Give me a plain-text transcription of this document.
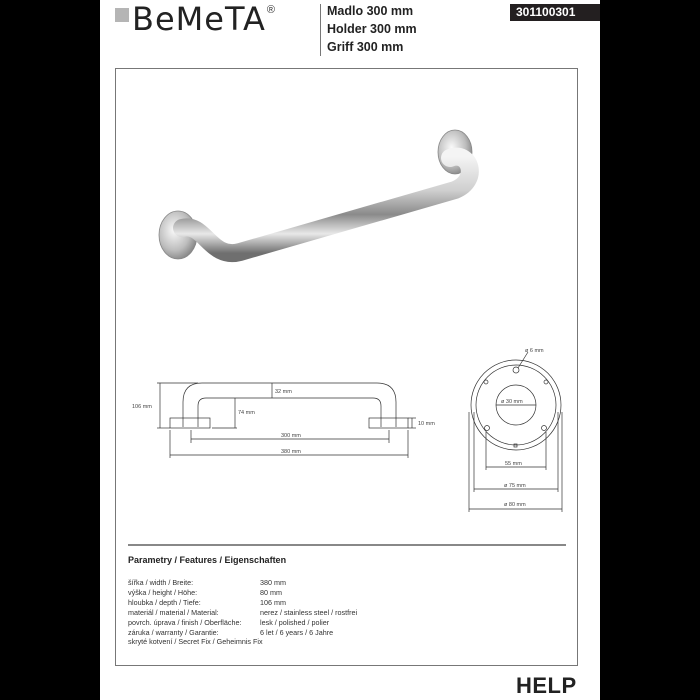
BeMeTA ®	Madlo 300 mm
Holder 300 mm
Griff 300 mm
301100301
106 mm
32 mm
74 mm
10 mm
300 mm
380 mm
ø 6 mm
ø 30 mm
55 mm
ø 75 mm
ø 80 mm
Parametry / Features / Eigenschaften
šířka / width / Breite:	380 mm
výška / height / Höhe:	80 mm
hloubka / depth / Tiefe:	106 mm
materiál / material / Material:	nerez / stainless steel / rostfrei
povrch. úprava / finish / Oberfläche:	lesk / polished / polier
záruka / warranty / Garantie:	6 let / 6 years / 6 Jahre
skryté kotvení / Secret Fix / Geheimnis Fix
HELP
